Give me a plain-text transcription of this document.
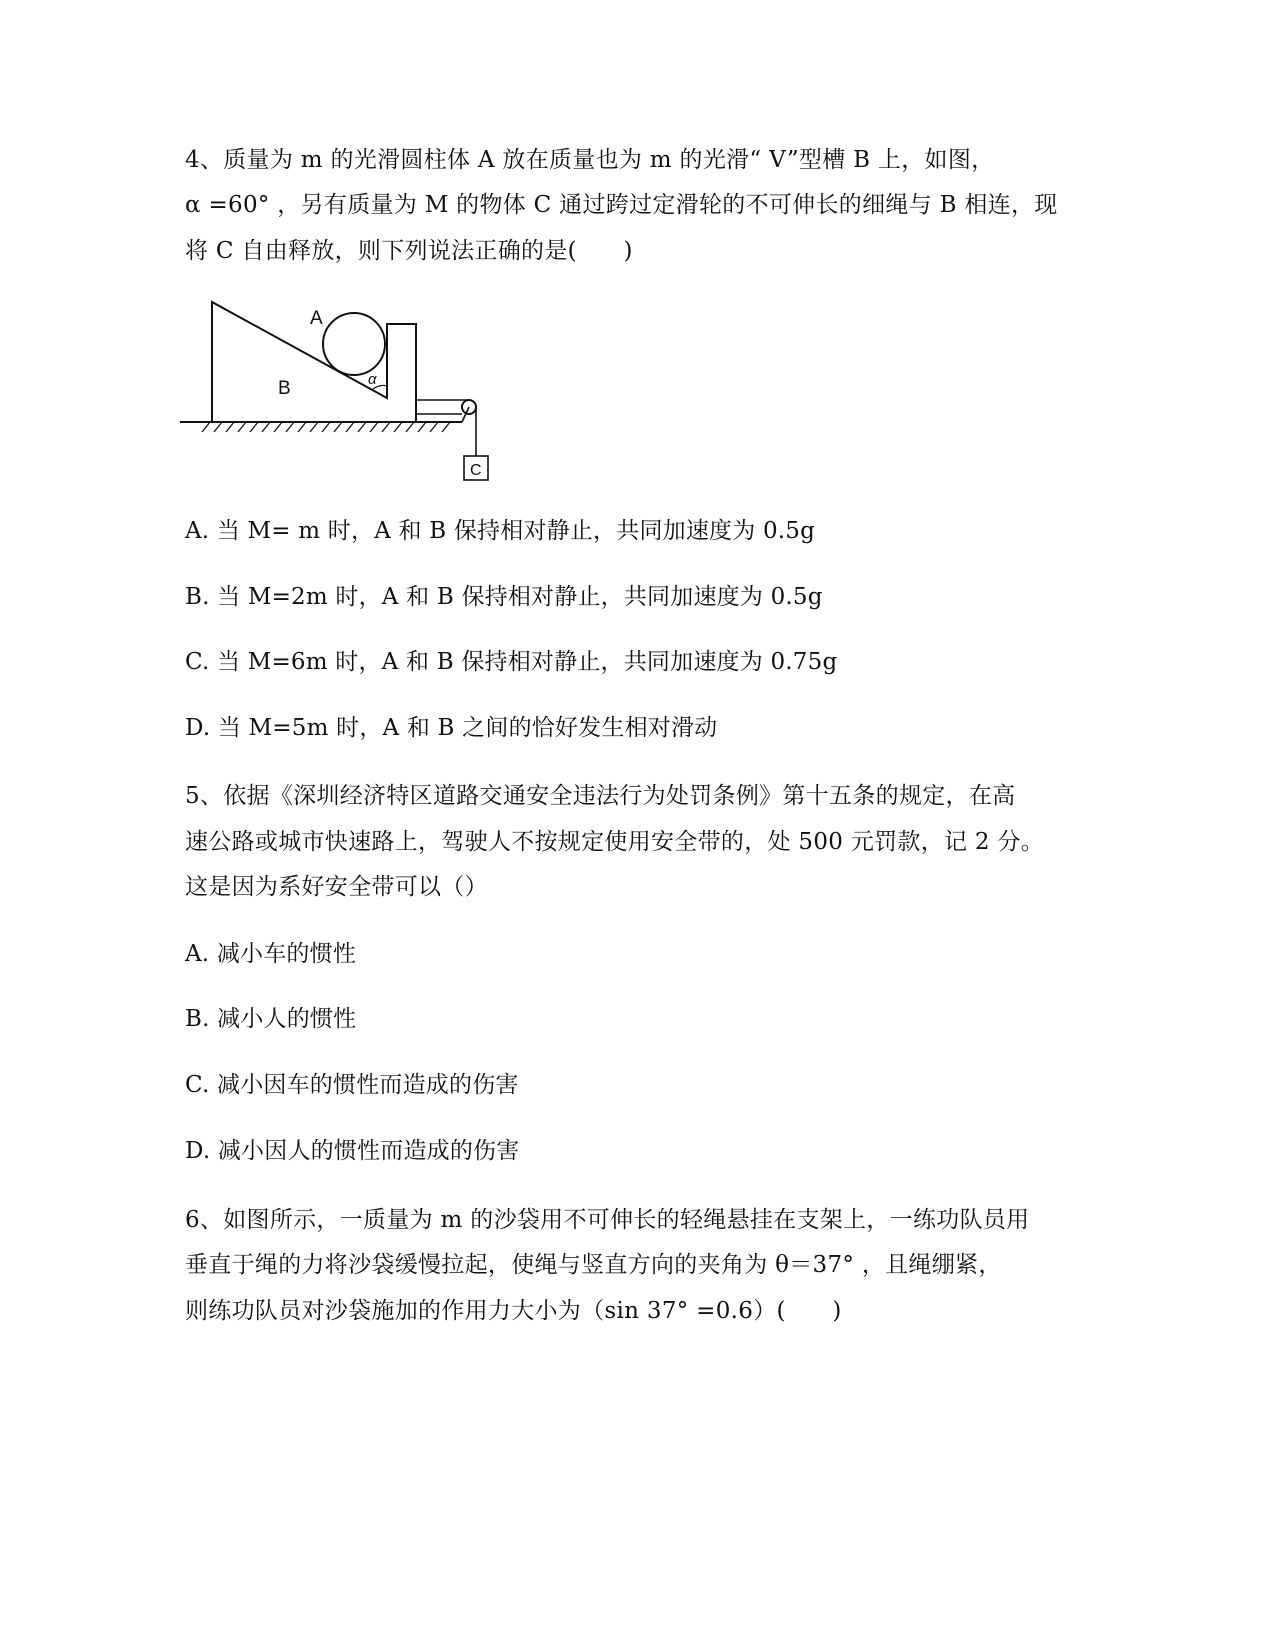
4、质量为 m 的光滑圆柱体 A 放在质量也为 m 的光滑“ V”型槽 B 上，如图，
α =60° ，另有质量为 M 的物体 C 通过跨过定滑轮的不可伸长的细绳与 B 相连，现
将 C 自由释放，则下列说法正确的是(　　)
A
B
C
α
A. 当 M= m 时，A 和 B 保持相对静止，共同加速度为 0.5g
B. 当 M=2m 时，A 和 B 保持相对静止，共同加速度为 0.5g
C. 当 M=6m 时，A 和 B 保持相对静止，共同加速度为 0.75g
D. 当 M=5m 时，A 和 B 之间的恰好发生相对滑动
5、依据《深圳经济特区道路交通安全违法行为处罚条例》第十五条的规定，在高
速公路或城市快速路上，驾驶人不按规定使用安全带的，处 500 元罚款，记 2 分。
这是因为系好安全带可以（）
A. 减小车的惯性
B. 减小人的惯性
C. 减小因车的惯性而造成的伤害
D. 减小因人的惯性而造成的伤害
6、如图所示，一质量为 m 的沙袋用不可伸长的轻绳悬挂在支架上，一练功队员用
垂直于绳的力将沙袋缓慢拉起，使绳与竖直方向的夹角为 θ＝37° ，且绳绷紧，
则练功队员对沙袋施加的作用力大小为（sin 37° =0.6）(　　)
